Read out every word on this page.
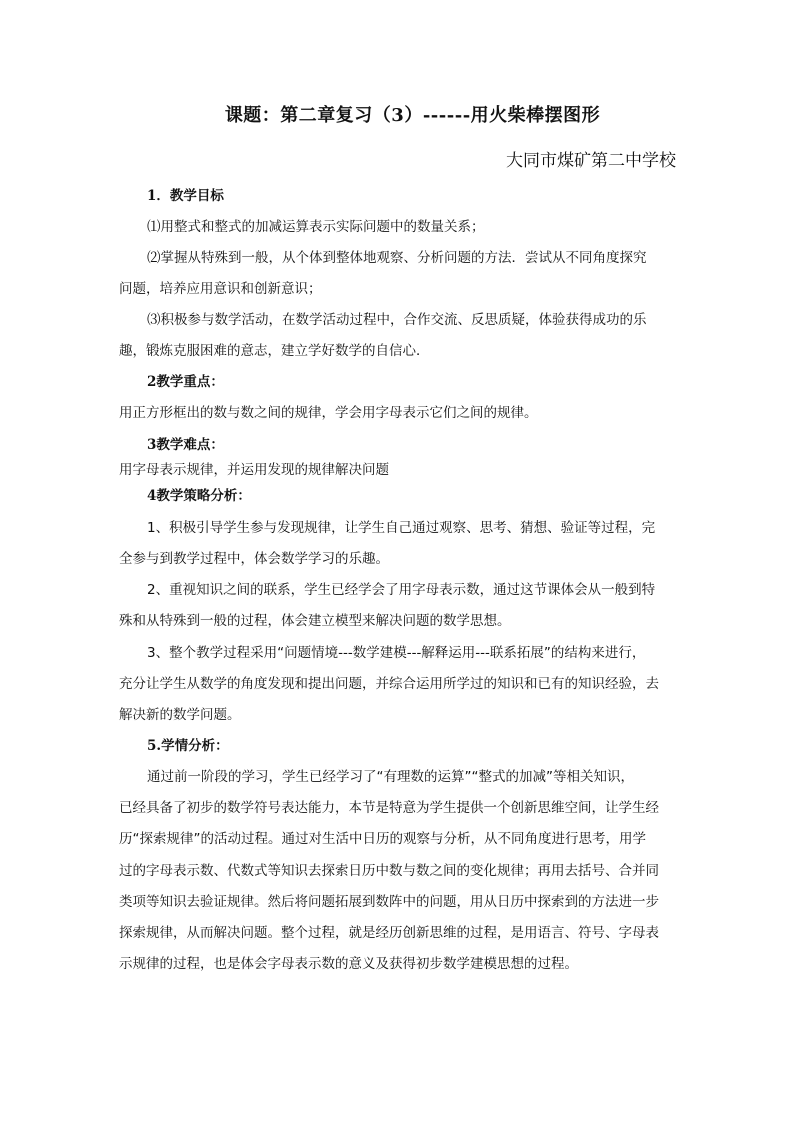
课题：第二章复习（3）------用火柴棒摆图形
大同市煤矿第二中学校
1．教学目标
⑴用整式和整式的加减运算表示实际问题中的数量关系；
⑵掌握从特殊到一般，从个体到整体地观察、分析问题的方法．尝试从不同角度探究
问题，培养应用意识和创新意识；
⑶积极参与数学活动，在数学活动过程中，合作交流、反思质疑，体验获得成功的乐
趣，锻炼克服困难的意志，建立学好数学的自信心．
2教学重点：
用正方形框出的数与数之间的规律，学会用字母表示它们之间的规律。
3教学难点：
用字母表示规律，并运用发现的规律解决问题
4教学策略分析：
1、积极引导学生参与发现规律，让学生自己通过观察、思考、猜想、验证等过程，完
全参与到教学过程中，体会数学学习的乐趣。
2、重视知识之间的联系，学生已经学会了用字母表示数，通过这节课体会从一般到特
殊和从特殊到一般的过程，体会建立模型来解决问题的数学思想。
3、整个教学过程采用“问题情境---数学建模---解释运用---联系拓展”的结构来进行，
充分让学生从数学的角度发现和提出问题，并综合运用所学过的知识和已有的知识经验，去
解决新的数学问题。
5.学情分析：
通过前一阶段的学习，学生已经学习了“有理数的运算”“整式的加减”等相关知识，
已经具备了初步的数学符号表达能力，本节是特意为学生提供一个创新思维空间，让学生经
历“探索规律”的活动过程。通过对生活中日历的观察与分析，从不同角度进行思考，用学
过的字母表示数、代数式等知识去探索日历中数与数之间的变化规律；再用去括号、合并同
类项等知识去验证规律。然后将问题拓展到数阵中的问题，用从日历中探索到的方法进一步
探索规律，从而解决问题。整个过程，就是经历创新思维的过程，是用语言、符号、字母表
示规律的过程，也是体会字母表示数的意义及获得初步数学建模思想的过程。
